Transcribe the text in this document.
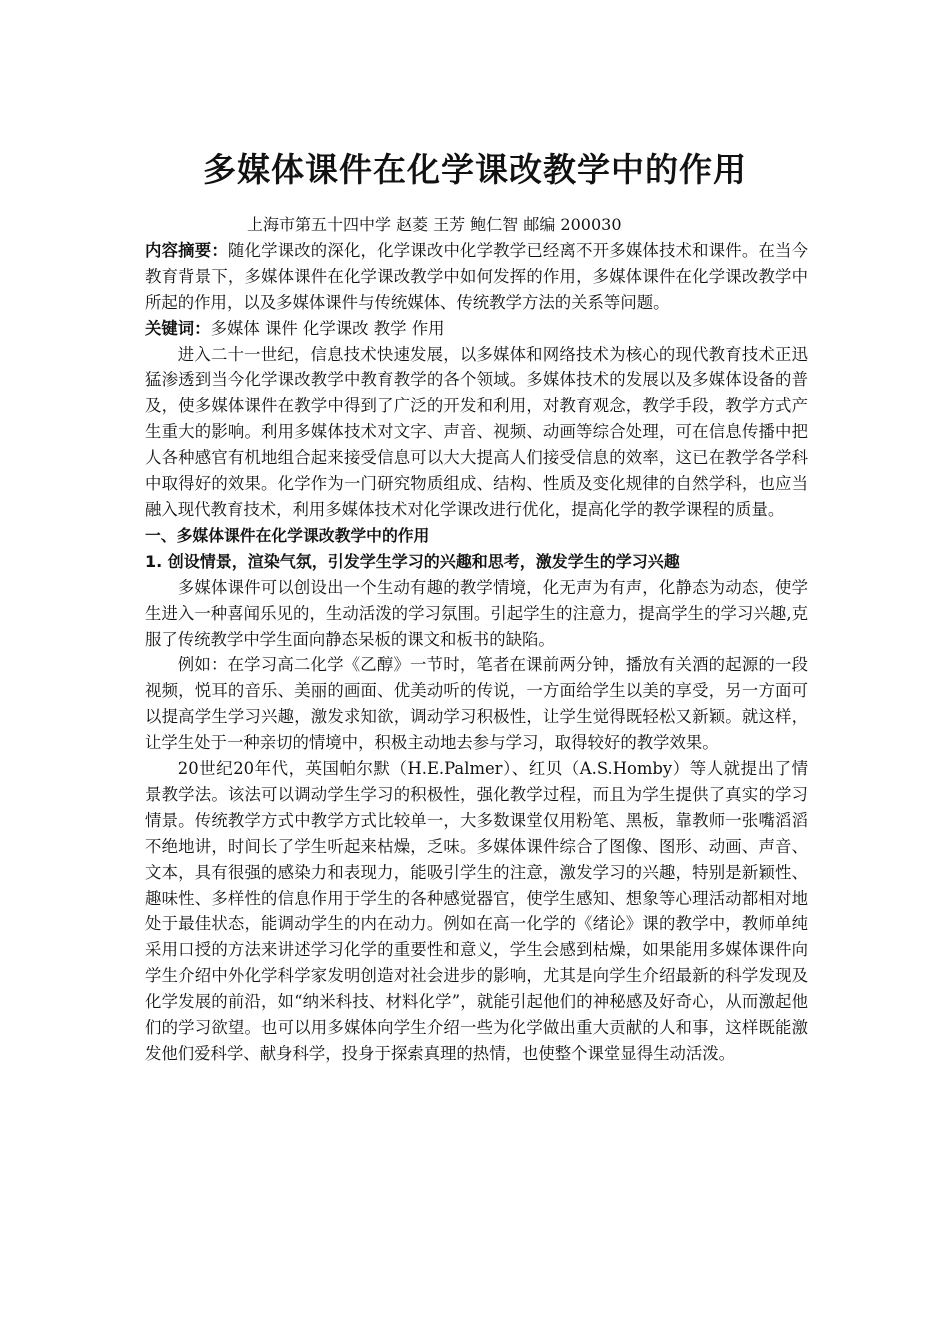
多媒体课件在化学课改教学中的作用

上海市第五十四中学 赵菱 王芳 鲍仁智 邮编 200030

内容摘要：随化学课改的深化，化学课改中化学教学已经离不开多媒体技术和课件。在当今教育背景下，多媒体课件在化学课改教学中如何发挥的作用，多媒体课件在化学课改教学中所起的作用，以及多媒体课件与传统媒体、传统教学方法的关系等问题。

关键词：多媒体 课件 化学课改 教学 作用

进入二十一世纪，信息技术快速发展，以多媒体和网络技术为核心的现代教育技术正迅猛渗透到当今化学课改教学中教育教学的各个领域。多媒体技术的发展以及多媒体设备的普及，使多媒体课件在教学中得到了广泛的开发和利用，对教育观念，教学手段，教学方式产生重大的影响。利用多媒体技术对文字、声音、视频、动画等综合处理，可在信息传播中把人各种感官有机地组合起来接受信息可以大大提高人们接受信息的效率，这已在教学各学科中取得好的效果。化学作为一门研究物质组成、结构、性质及变化规律的自然学科，也应当融入现代教育技术，利用多媒体技术对化学课改进行优化，提高化学的教学课程的质量。

一、多媒体课件在化学课改教学中的作用

1. 创设情景，渲染气氛，引发学生学习的兴趣和思考，激发学生的学习兴趣

多媒体课件可以创设出一个生动有趣的教学情境，化无声为有声，化静态为动态，使学生进入一种喜闻乐见的，生动活泼的学习氛围。引起学生的注意力，提高学生的学习兴趣,克服了传统教学中学生面向静态呆板的课文和板书的缺陷。

例如：在学习高二化学《乙醇》一节时，笔者在课前两分钟，播放有关酒的起源的一段视频，悦耳的音乐、美丽的画面、优美动听的传说，一方面给学生以美的享受，另一方面可以提高学生学习兴趣，激发求知欲，调动学习积极性，让学生觉得既轻松又新颖。就这样，让学生处于一种亲切的情境中，积极主动地去参与学习，取得较好的教学效果。

20世纪20年代，英国帕尔默（H.E.Palmer）、红贝（A.S.Homby）等人就提出了情景教学法。该法可以调动学生学习的积极性，强化教学过程，而且为学生提供了真实的学习情景。传统教学方式中教学方式比较单一，大多数课堂仅用粉笔、黑板，靠教师一张嘴滔滔不绝地讲，时间长了学生听起来枯燥，乏味。多媒体课件综合了图像、图形、动画、声音、文本，具有很强的感染力和表现力，能吸引学生的注意，激发学习的兴趣，特别是新颖性、趣味性、多样性的信息作用于学生的各种感觉器官，使学生感知、想象等心理活动都相对地处于最佳状态，能调动学生的内在动力。例如在高一化学的《绪论》课的教学中，教师单纯采用口授的方法来讲述学习化学的重要性和意义，学生会感到枯燥，如果能用多媒体课件向学生介绍中外化学科学家发明创造对社会进步的影响，尤其是向学生介绍最新的科学发现及化学发展的前沿，如“纳米科技、材料化学”，就能引起他们的神秘感及好奇心，从而激起他们的学习欲望。也可以用多媒体向学生介绍一些为化学做出重大贡献的人和事，这样既能激发他们爱科学、献身科学，投身于探索真理的热情，也使整个课堂显得生动活泼。
